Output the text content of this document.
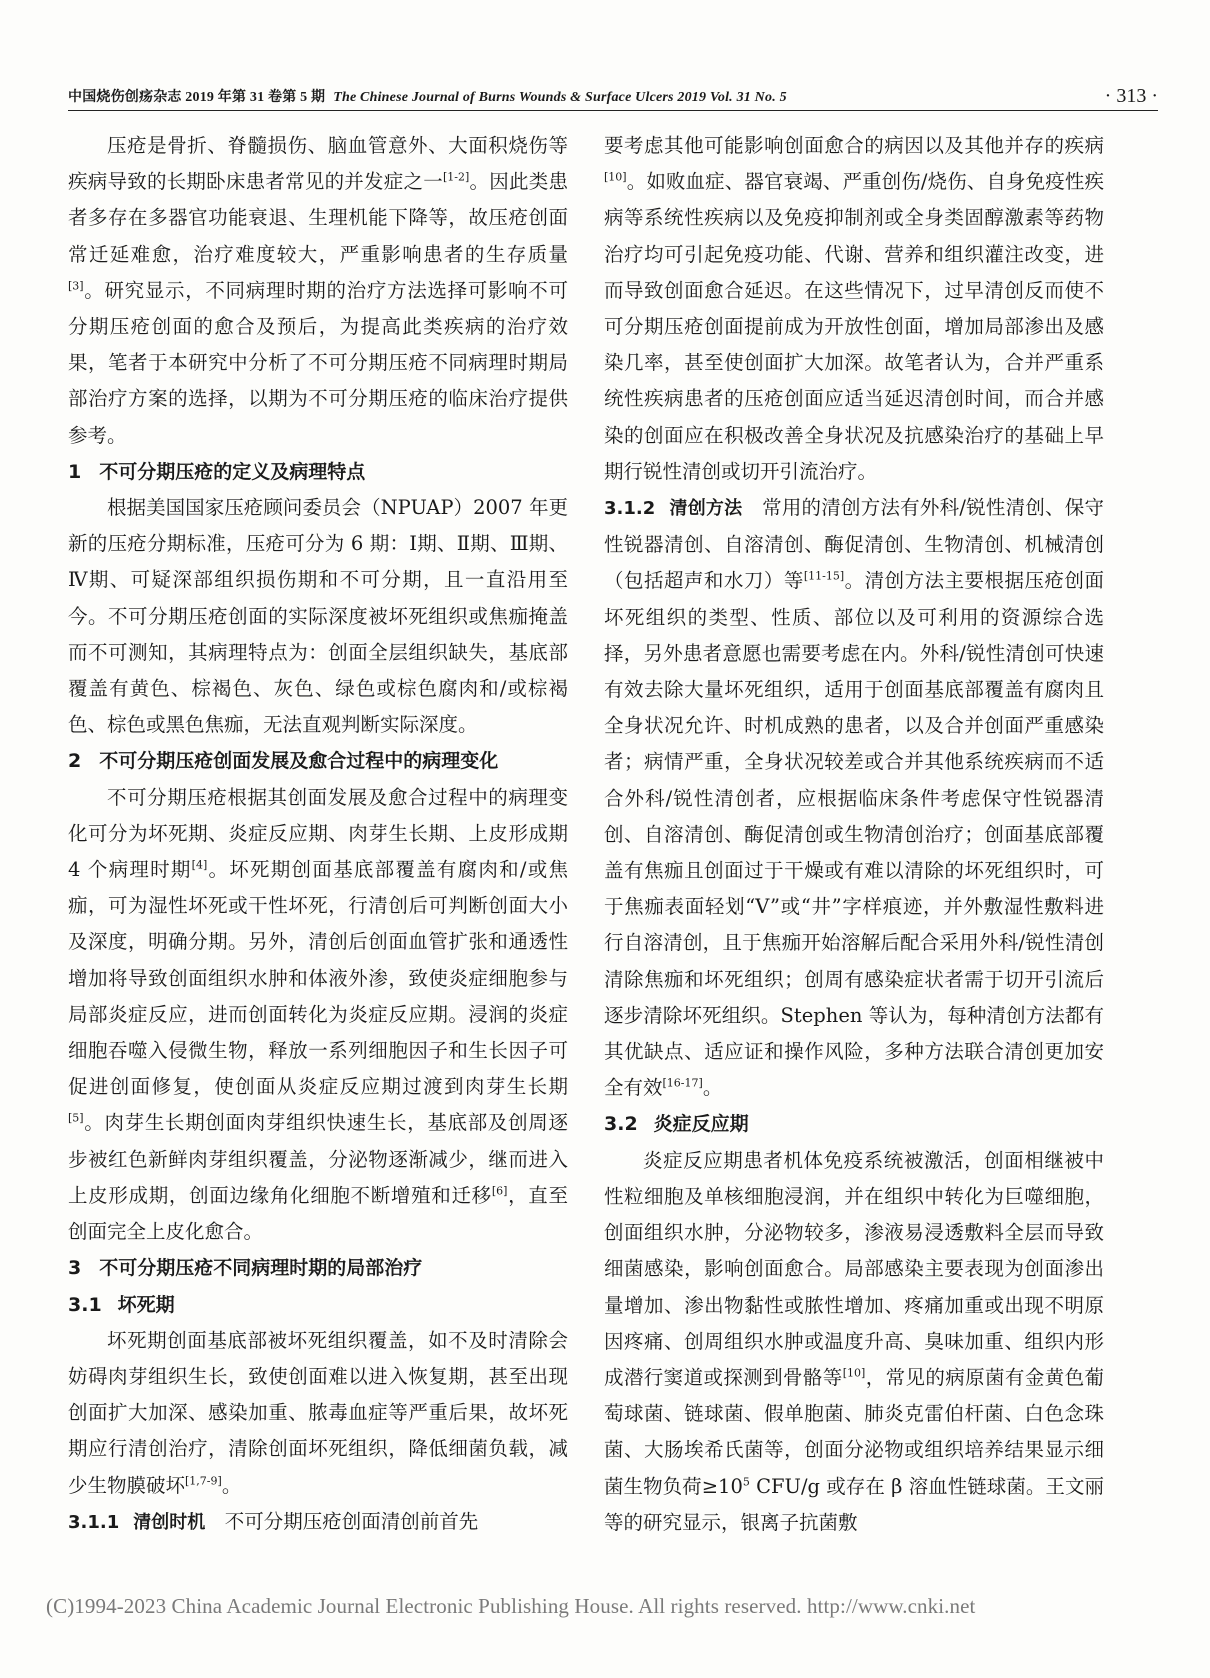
中国烧伤创疡杂志 2019 年第 31 卷第 5 期 The Chinese Journal of Burns Wounds & Surface Ulcers 2019 Vol. 31 No. 5	· 313 ·

压疮是骨折、脊髓损伤、脑血管意外、大面积烧伤等疾病导致的长期卧床患者常见的并发症之一[1-2]。因此类患者多存在多器官功能衰退、生理机能下降等，故压疮创面常迁延难愈，治疗难度较大，严重影响患者的生存质量[3]。研究显示，不同病理时期的治疗方法选择可影响不可分期压疮创面的愈合及预后，为提高此类疾病的治疗效果，笔者于本研究中分析了不可分期压疮不同病理时期局部治疗方案的选择，以期为不可分期压疮的临床治疗提供参考。

1 不可分期压疮的定义及病理特点

根据美国国家压疮顾问委员会（NPUAP）2007 年更新的压疮分期标准，压疮可分为 6 期：Ⅰ期、Ⅱ期、Ⅲ期、Ⅳ期、可疑深部组织损伤期和不可分期，且一直沿用至今。不可分期压疮创面的实际深度被坏死组织或焦痂掩盖而不可测知，其病理特点为：创面全层组织缺失，基底部覆盖有黄色、棕褐色、灰色、绿色或棕色腐肉和/或棕褐色、棕色或黑色焦痂，无法直观判断实际深度。

2 不可分期压疮创面发展及愈合过程中的病理变化

不可分期压疮根据其创面发展及愈合过程中的病理变化可分为坏死期、炎症反应期、肉芽生长期、上皮形成期 4 个病理时期[4]。坏死期创面基底部覆盖有腐肉和/或焦痂，可为湿性坏死或干性坏死，行清创后可判断创面大小及深度，明确分期。另外，清创后创面血管扩张和通透性增加将导致创面组织水肿和体液外渗，致使炎症细胞参与局部炎症反应，进而创面转化为炎症反应期。浸润的炎症细胞吞噬入侵微生物，释放一系列细胞因子和生长因子可促进创面修复，使创面从炎症反应期过渡到肉芽生长期[5]。肉芽生长期创面肉芽组织快速生长，基底部及创周逐步被红色新鲜肉芽组织覆盖，分泌物逐渐减少，继而进入上皮形成期，创面边缘角化细胞不断增殖和迁移[6]，直至创面完全上皮化愈合。

3 不可分期压疮不同病理时期的局部治疗
3.1 坏死期

坏死期创面基底部被坏死组织覆盖，如不及时清除会妨碍肉芽组织生长，致使创面难以进入恢复期，甚至出现创面扩大加深、感染加重、脓毒血症等严重后果，故坏死期应行清创治疗，清除创面坏死组织，降低细菌负载，减少生物膜破坏[1,7-9]。

3.1.1 清创时机　 不可分期压疮创面清创前首先

要考虑其他可能影响创面愈合的病因以及其他并存的疾病[10]。如败血症、器官衰竭、严重创伤/烧伤、自身免疫性疾病等系统性疾病以及免疫抑制剂或全身类固醇激素等药物治疗均可引起免疫功能、代谢、营养和组织灌注改变，进而导致创面愈合延迟。在这些情况下，过早清创反而使不可分期压疮创面提前成为开放性创面，增加局部渗出及感染几率，甚至使创面扩大加深。故笔者认为，合并严重系统性疾病患者的压疮创面应适当延迟清创时间，而合并感染的创面应在积极改善全身状况及抗感染治疗的基础上早期行锐性清创或切开引流治疗。

3.1.2 清创方法　 常用的清创方法有外科/锐性清创、保守性锐器清创、自溶清创、酶促清创、生物清创、机械清创（包括超声和水刀）等[11-15]。清创方法主要根据压疮创面坏死组织的类型、性质、部位以及可利用的资源综合选择，另外患者意愿也需要考虑在内。外科/锐性清创可快速有效去除大量坏死组织，适用于创面基底部覆盖有腐肉且全身状况允许、时机成熟的患者，以及合并创面严重感染者；病情严重，全身状况较差或合并其他系统疾病而不适合外科/锐性清创者，应根据临床条件考虑保守性锐器清创、自溶清创、酶促清创或生物清创治疗；创面基底部覆盖有焦痂且创面过于干燥或有难以清除的坏死组织时，可于焦痂表面轻划“V”或“井”字样痕迹，并外敷湿性敷料进行自溶清创，且于焦痂开始溶解后配合采用外科/锐性清创清除焦痂和坏死组织；创周有感染症状者需于切开引流后逐步清除坏死组织。Stephen 等认为，每种清创方法都有其优缺点、适应证和操作风险，多种方法联合清创更加安全有效[16-17]。

3.2 炎症反应期

炎症反应期患者机体免疫系统被激活，创面相继被中性粒细胞及单核细胞浸润，并在组织中转化为巨噬细胞，创面组织水肿，分泌物较多，渗液易浸透敷料全层而导致细菌感染，影响创面愈合。局部感染主要表现为创面渗出量增加、渗出物黏性或脓性增加、疼痛加重或出现不明原因疼痛、创周组织水肿或温度升高、臭味加重、组织内形成潜行窦道或探测到骨骼等[10]，常见的病原菌有金黄色葡萄球菌、链球菌、假单胞菌、肺炎克雷伯杆菌、白色念珠菌、大肠埃希氏菌等，创面分泌物或组织培养结果显示细菌生物负荷$\ge 10^5$ CFU/g 或存在 β 溶血性链球菌。王文丽等的研究显示，银离子抗菌敷

(C)1994-2023 China Academic Journal Electronic Publishing House. All rights reserved. http://www.cnki.net
